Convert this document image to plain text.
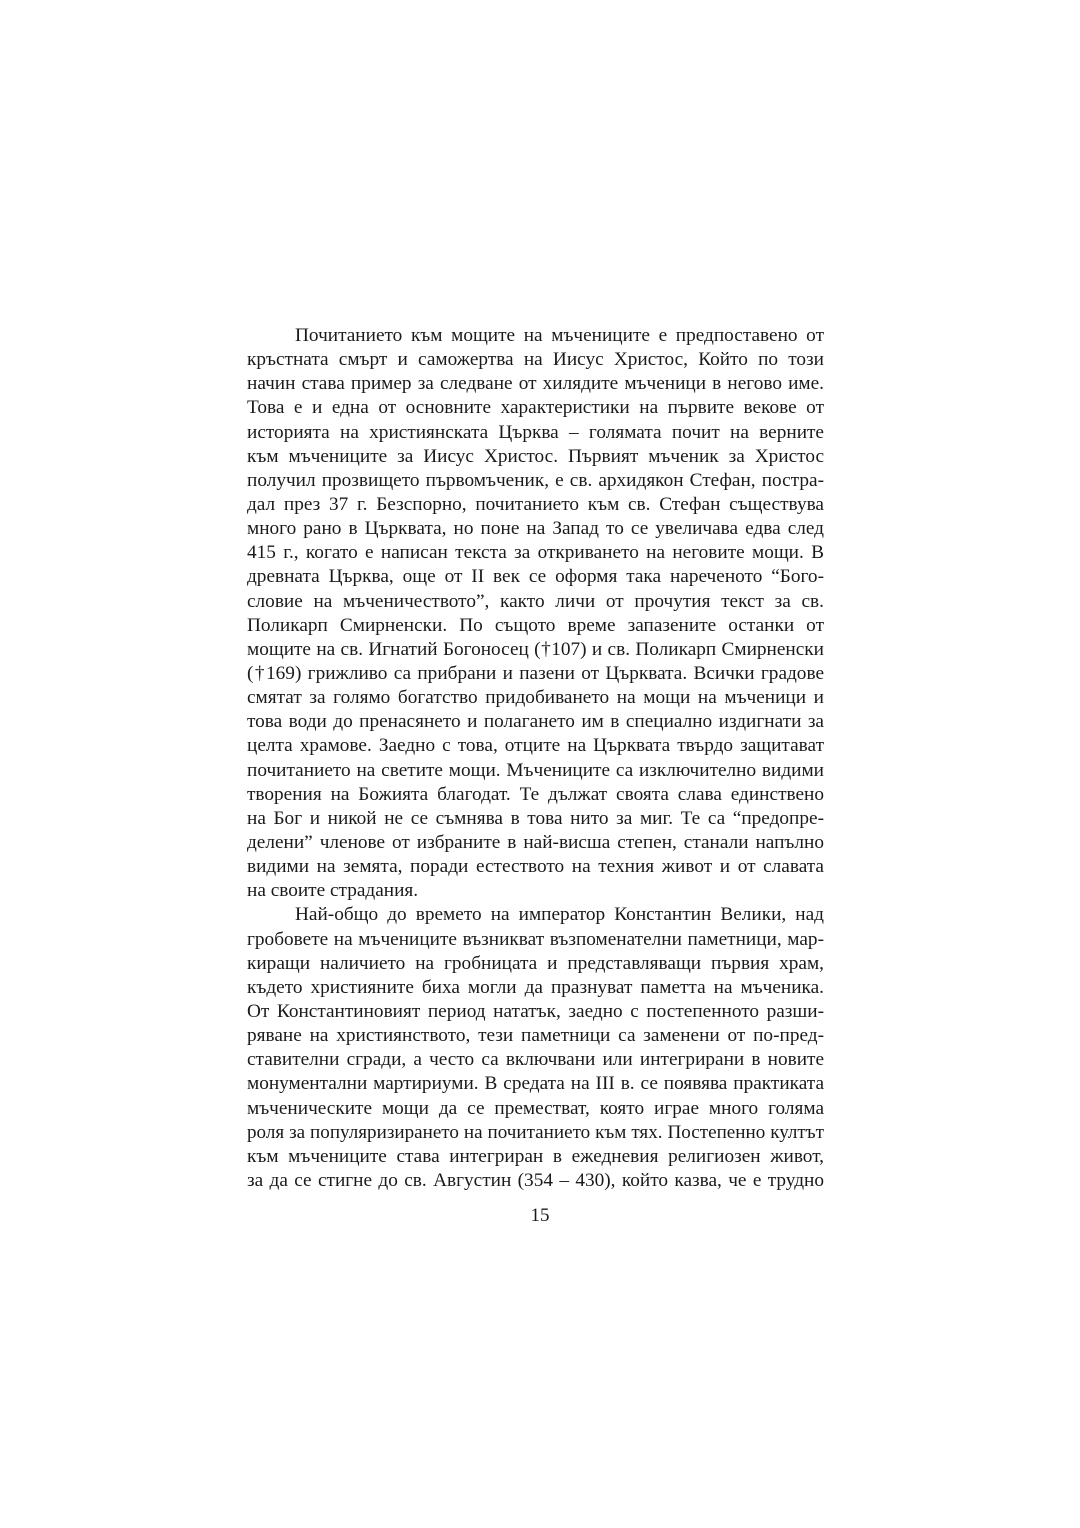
Почитанието към мощите на мъчениците е предпоставено от
кръстната смърт и саможертва на Иисус Христос, Който по този
начин става пример за следване от хилядите мъченици в негово име.
Това е и една от основните характеристики на първите векове от
историята на християнската Църква – голямата почит на верните
към мъчениците за Иисус Христос. Първият мъченик за Христос
получил прозвището първомъченик, е св. архидякон Стефан, постра-
дал през 37 г. Безспорно, почитанието към св. Стефан съществува
много рано в Църквата, но поне на Запад то се увеличава едва след
415 г., когато е написан текста за откриването на неговите мощи. В
древната Църква, още от II век се оформя така нареченото “Бого-
словие на мъченичеството”, както личи от прочутия текст за св.
Поликарп Смирненски. По същото време запазените останки от
мощите на св. Игнатий Богоносец (†107) и св. Поликарп Смирненски
(†169) грижливо са прибрани и пазени от Църквата. Всички градове
смятат за голямо богатство придобиването на мощи на мъченици и
това води до пренасянето и полагането им в специално издигнати за
целта храмове. Заедно с това, отците на Църквата твърдо защитават
почитанието на светите мощи. Мъчениците са изключително видими
творения на Божията благодат. Те дължат своята слава единствено
на Бог и никой не се съмнява в това нито за миг. Те са “предопре-
делени” членове от избраните в най-висша степен, станали напълно
видими на земята, поради естеството на техния живот и от славата
на своите страдания.
Най-общо до времето на император Константин Велики, над
гробовете на мъчениците възникват възпоменателни паметници, мар-
киращи наличието на гробницата и представляващи първия храм,
където християните биха могли да празнуват паметта на мъченика.
От Константиновият период нататък, заедно с постепенното разши-
ряване на християнството, тези паметници са заменени от по-пред-
ставителни сгради, а често са включвани или интегрирани в новите
монументални мартириуми. В средата на III в. се появява практиката
мъченическите мощи да се преместват, която играе много голяма
роля за популяризирането на почитанието към тях. Постепенно култът
към мъчениците става интегриран в ежедневия религиозен живот,
за да се стигне до св. Августин (354 – 430), който казва, че е трудно
15
